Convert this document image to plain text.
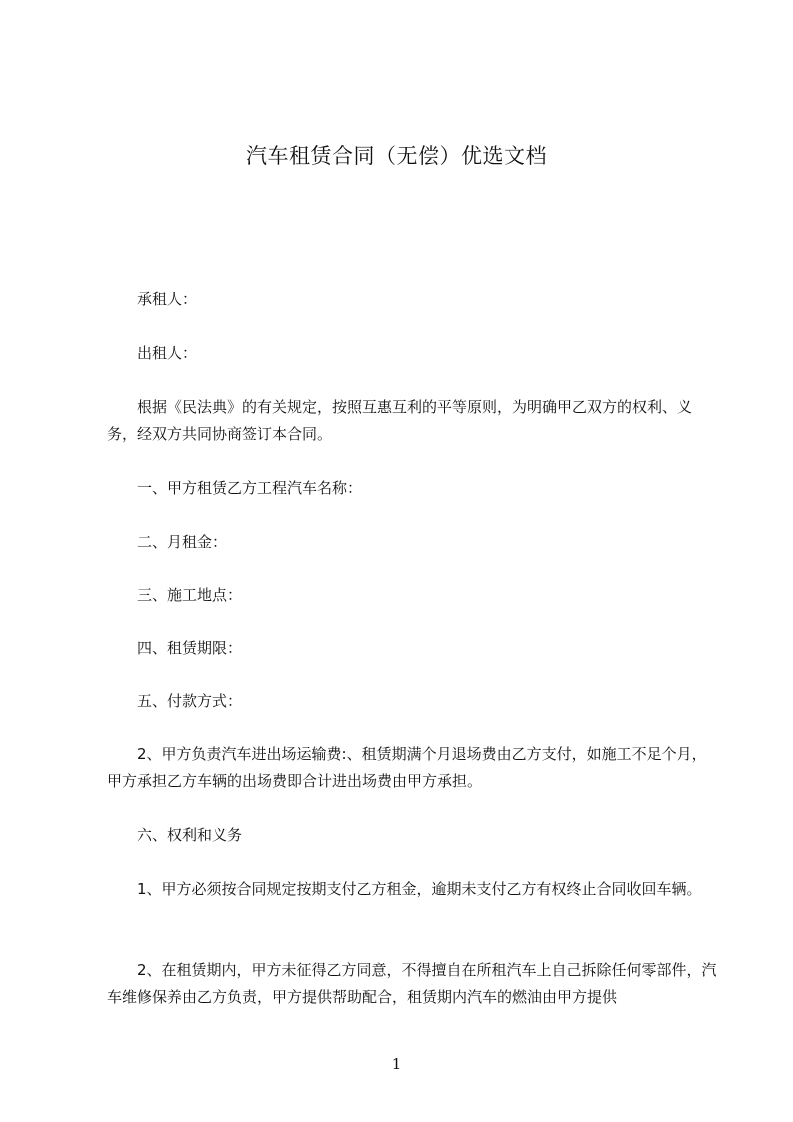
汽车租赁合同（无偿）优选文档
承租人：
出租人：
根据《民法典》的有关规定，按照互惠互利的平等原则，为明确甲乙双方的权利、义务，经双方共同协商签订本合同。
一、甲方租赁乙方工程汽车名称：
二、月租金：
三、施工地点：
四、租赁期限：
五、付款方式：
2、甲方负责汽车进出场运输费:、租赁期满个月退场费由乙方支付，如施工不足个月，甲方承担乙方车辆的出场费即合计进出场费由甲方承担。
六、权利和义务
1、甲方必须按合同规定按期支付乙方租金，逾期未支付乙方有权终止合同收回车辆。
2、在租赁期内，甲方未征得乙方同意，不得擅自在所租汽车上自己拆除任何零部件，汽车维修保养由乙方负责，甲方提供帮助配合，租赁期内汽车的燃油由甲方提供
1
